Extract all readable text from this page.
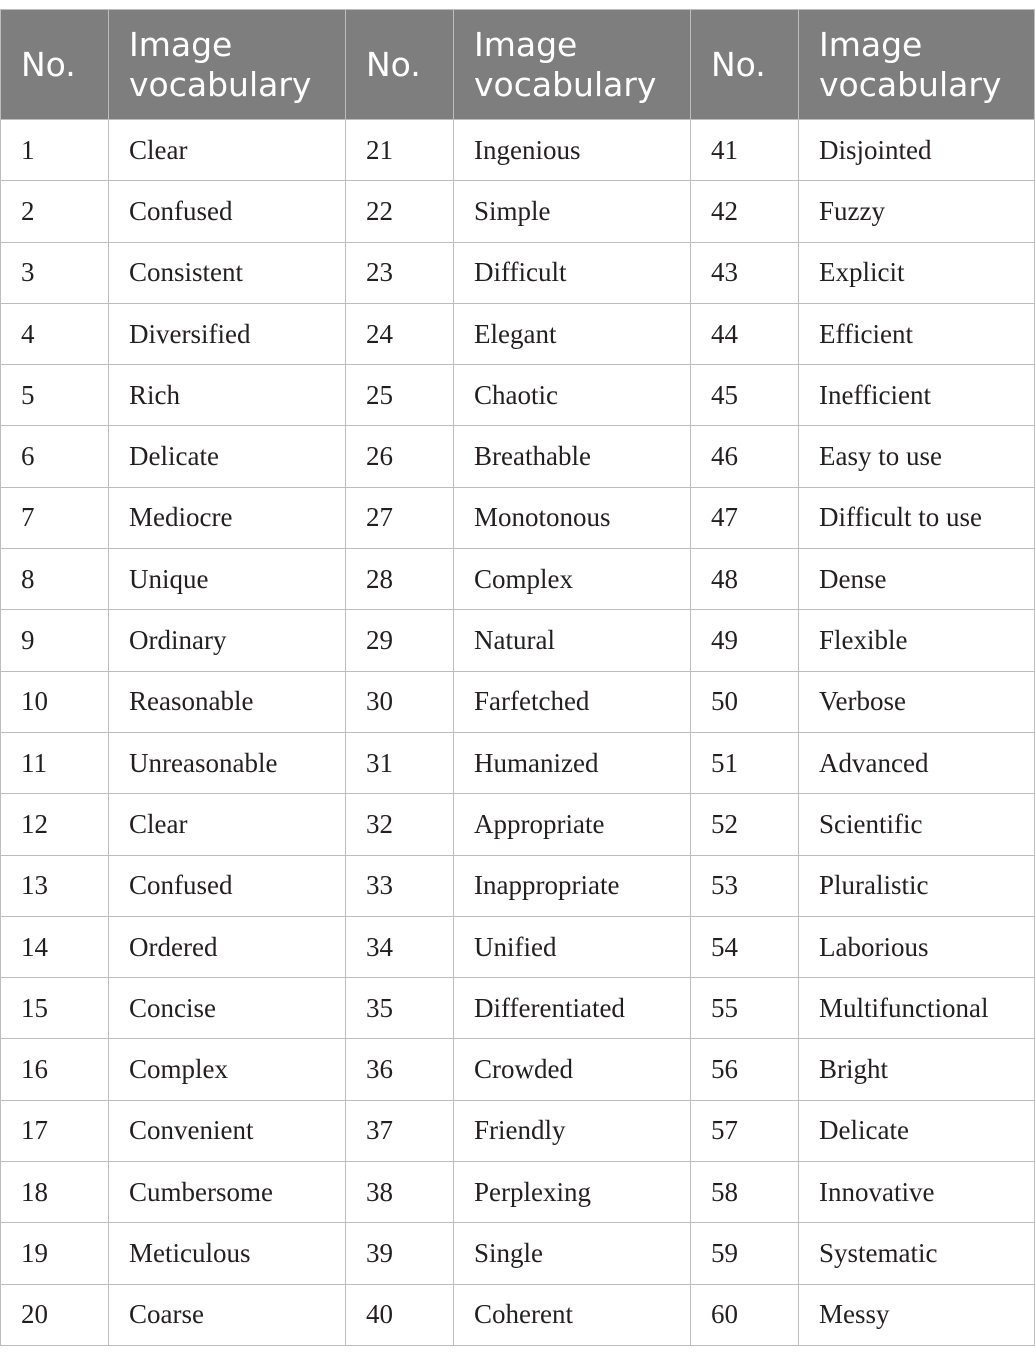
No.	Image
vocabulary	No.	Image
vocabulary	No.	Image
vocabulary

1	Clear	21	Ingenious	41	Disjointed
2	Confused	22	Simple	42	Fuzzy
3	Consistent	23	Difficult	43	Explicit
4	Diversified	24	Elegant	44	Efficient
5	Rich	25	Chaotic	45	Inefficient
6	Delicate	26	Breathable	46	Easy to use
7	Mediocre	27	Monotonous	47	Difficult to use
8	Unique	28	Complex	48	Dense
9	Ordinary	29	Natural	49	Flexible
10	Reasonable	30	Farfetched	50	Verbose
11	Unreasonable	31	Humanized	51	Advanced
12	Clear	32	Appropriate	52	Scientific
13	Confused	33	Inappropriate	53	Pluralistic
14	Ordered	34	Unified	54	Laborious
15	Concise	35	Differentiated	55	Multifunctional
16	Complex	36	Crowded	56	Bright
17	Convenient	37	Friendly	57	Delicate
18	Cumbersome	38	Perplexing	58	Innovative
19	Meticulous	39	Single	59	Systematic
20	Coarse	40	Coherent	60	Messy
